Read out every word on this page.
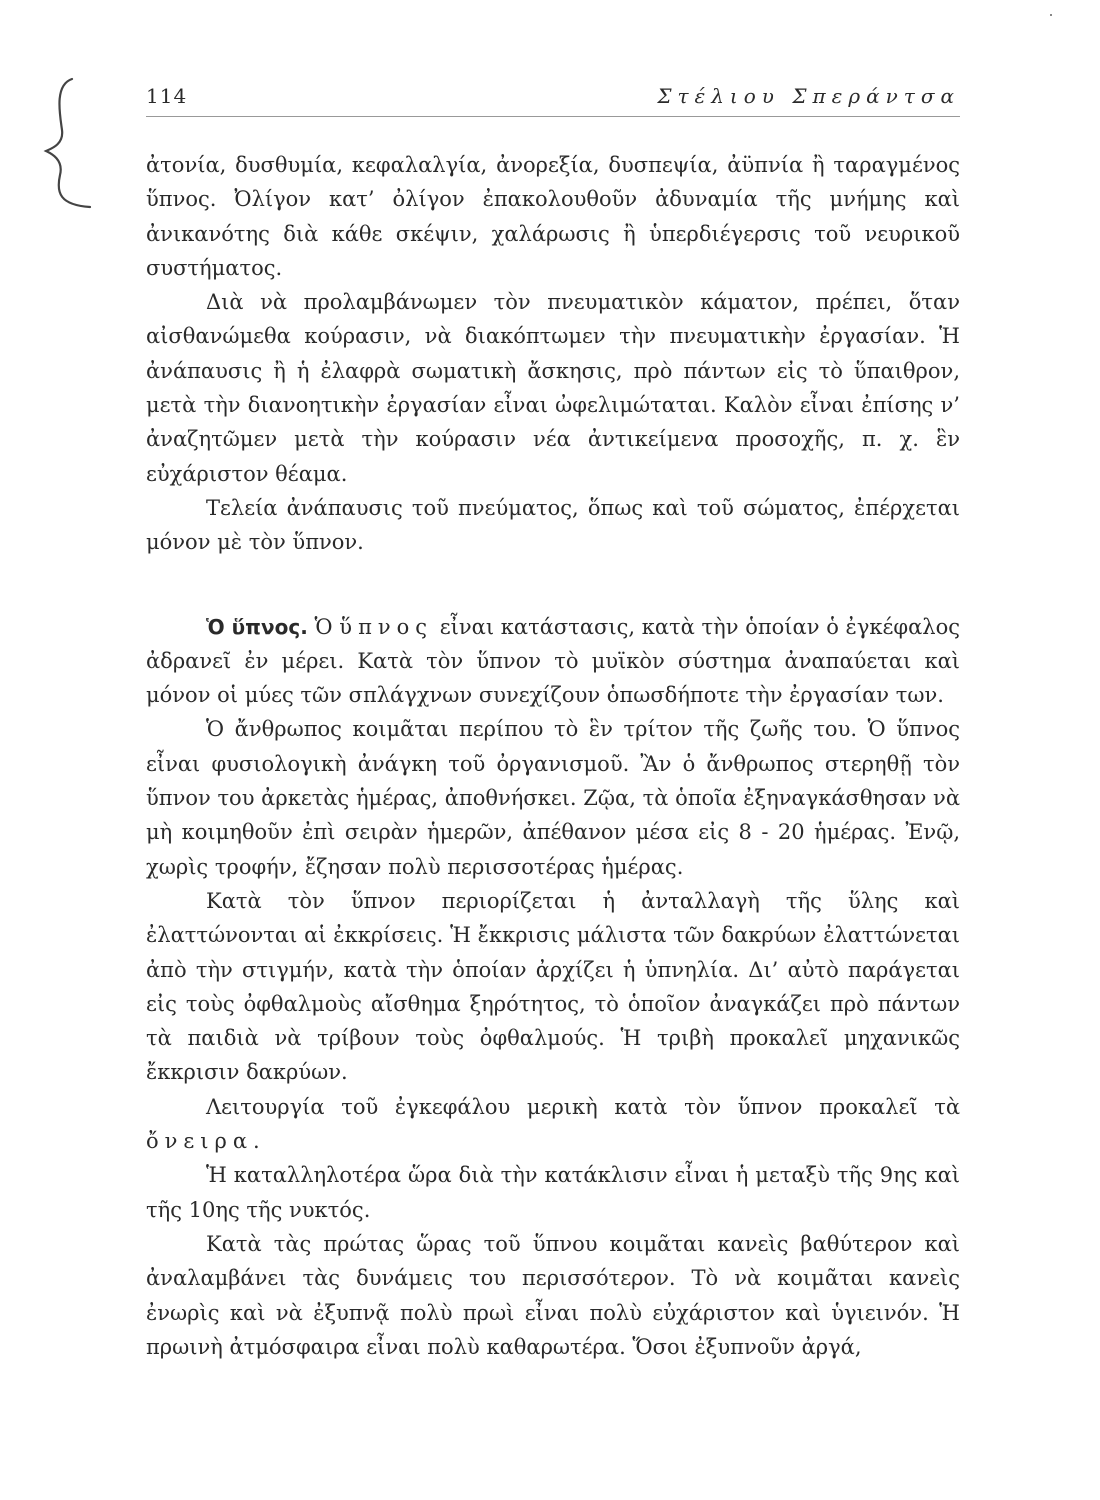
114	Στέλιου Σπεράντσα

ἀτονία, δυσθυμία, κεφαλαλγία, ἀνορεξία, δυσπεψία, ἀϋπνία ἢ ταραγμένος ὕπνος. Ὀλίγον κατ’ ὀλίγον ἐπακολουθοῦν ἀδυναμία τῆς μνήμης καὶ ἀνικανότης διὰ κάθε σκέψιν, χαλάρωσις ἢ ὑπερδιέγερσις τοῦ νευρικοῦ συστήματος.

Διὰ νὰ προλαμβάνωμεν τὸν πνευματικὸν κάματον, πρέπει, ὅταν αἰσθανώμεθα κούρασιν, νὰ διακόπτωμεν τὴν πνευματικὴν ἐργασίαν. Ἡ ἀνάπαυσις ἢ ἡ ἐλαφρὰ σωματικὴ ἄσκησις, πρὸ πάντων εἰς τὸ ὕπαιθρον, μετὰ τὴν διανοητικὴν ἐργασίαν εἶναι ὠφελιμώταται. Καλὸν εἶναι ἐπίσης ν’ ἀναζητῶμεν μετὰ τὴν κούρασιν νέα ἀντικείμενα προσοχῆς, π. χ. ἓν εὐχάριστον θέαμα.

Τελεία ἀνάπαυσις τοῦ πνεύματος, ὅπως καὶ τοῦ σώματος, ἐπέρχεται μόνον μὲ τὸν ὕπνον.

Ὁ ὕπνος. Ὁ ὕπνος εἶναι κατάστασις, κατὰ τὴν ὁποίαν ὁ ἐγκέφαλος ἀδρανεῖ ἐν μέρει. Κατὰ τὸν ὕπνον τὸ μυϊκὸν σύστημα ἀναπαύεται καὶ μόνον οἱ μύες τῶν σπλάγχνων συνεχίζουν ὁπωσδήποτε τὴν ἐργασίαν των.

Ὁ ἄνθρωπος κοιμᾶται περίπου τὸ ἓν τρίτον τῆς ζωῆς του. Ὁ ὕπνος εἶναι φυσιολογικὴ ἀνάγκη τοῦ ὀργανισμοῦ. Ἂν ὁ ἄνθρωπος στερηθῇ τὸν ὕπνον του ἀρκετὰς ἡμέρας, ἀποθνήσκει. Ζῷα, τὰ ὁποῖα ἐξηναγκάσθησαν νὰ μὴ κοιμηθοῦν ἐπὶ σειρὰν ἡμερῶν, ἀπέθανον μέσα εἰς 8 - 20 ἡμέρας. Ἐνῷ, χωρὶς τροφήν, ἔζησαν πολὺ περισσοτέρας ἡμέρας.

Κατὰ τὸν ὕπνον περιορίζεται ἡ ἀνταλλαγὴ τῆς ὕλης καὶ ἐλαττώνονται αἱ ἐκκρίσεις. Ἡ ἔκκρισις μάλιστα τῶν δακρύων ἐλαττώνεται ἀπὸ τὴν στιγμήν, κατὰ τὴν ὁποίαν ἀρχίζει ἡ ὑπνηλία. Δι’ αὐτὸ παράγεται εἰς τοὺς ὀφθαλμοὺς αἴσθημα ξηρότητος, τὸ ὁποῖον ἀναγκάζει πρὸ πάντων τὰ παιδιὰ νὰ τρίβουν τοὺς ὀφθαλμούς. Ἡ τριβὴ προκαλεῖ μηχανικῶς ἔκκρισιν δακρύων.

Λειτουργία τοῦ ἐγκεφάλου μερικὴ κατὰ τὸν ὕπνον προκαλεῖ τὰ ὄνειρα.

Ἡ καταλληλοτέρα ὥρα διὰ τὴν κατάκλισιν εἶναι ἡ μεταξὺ τῆς 9ης καὶ τῆς 10ης τῆς νυκτός.

Κατὰ τὰς πρώτας ὥρας τοῦ ὕπνου κοιμᾶται κανεὶς βαθύτερον καὶ ἀναλαμβάνει τὰς δυνάμεις του περισσότερον. Τὸ νὰ κοιμᾶται κανεὶς ἐνωρὶς καὶ νὰ ἐξυπνᾷ πολὺ πρωὶ εἶναι πολὺ εὐχάριστον καὶ ὑγιεινόν. Ἡ πρωινὴ ἀτμόσφαιρα εἶναι πολὺ καθαρωτέρα. Ὅσοι ἐξυπνοῦν ἀργά,
